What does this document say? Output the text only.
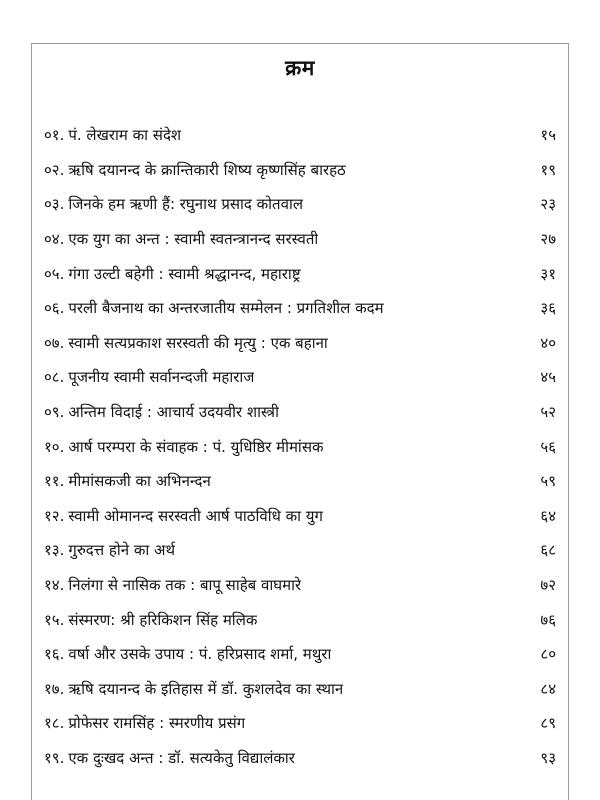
क्रम
०१. पं. लेखराम का संदेश	१५
०२. ऋषि दयानन्द के क्रान्तिकारी शिष्य कृष्णसिंह बारहठ	१९
०३. जिनके हम ऋणी हैं: रघुनाथ प्रसाद कोतवाल	२३
०४. एक युग का अन्त : स्वामी स्वतन्त्रानन्द सरस्वती	२७
०५. गंगा उल्टी बहेगी : स्वामी श्रद्धानन्द, महाराष्ट्र	३१
०६. परली बैजनाथ का अन्तरजातीय सम्मेलन : प्रगतिशील कदम	३६
०७. स्वामी सत्यप्रकाश सरस्वती की मृत्यु : एक बहाना	४०
०८. पूजनीय स्वामी सर्वानन्दजी महाराज	४५
०९. अन्तिम विदाई : आचार्य उदयवीर शास्त्री	५२
१०. आर्ष परम्परा के संवाहक : पं. युधिष्ठिर मीमांसक	५६
११. मीमांसकजी का अभिनन्दन	५९
१२. स्वामी ओमानन्द सरस्वती आर्ष पाठविधि का युग	६४
१३. गुरुदत्त होने का अर्थ	६८
१४. निलंगा से नासिक तक : बापू साहेब वाघमारे	७२
१५. संस्मरण: श्री हरिकिशन सिंह मलिक	७६
१६. वर्षा और उसके उपाय : पं. हरिप्रसाद शर्मा, मथुरा	८०
१७. ऋषि दयानन्द के इतिहास में डॉ. कुशलदेव का स्थान	८४
१८. प्रोफेसर रामसिंह : स्मरणीय प्रसंग	८९
१९. एक दुःखद अन्त : डॉ. सत्यकेतु विद्यालंकार	९३
